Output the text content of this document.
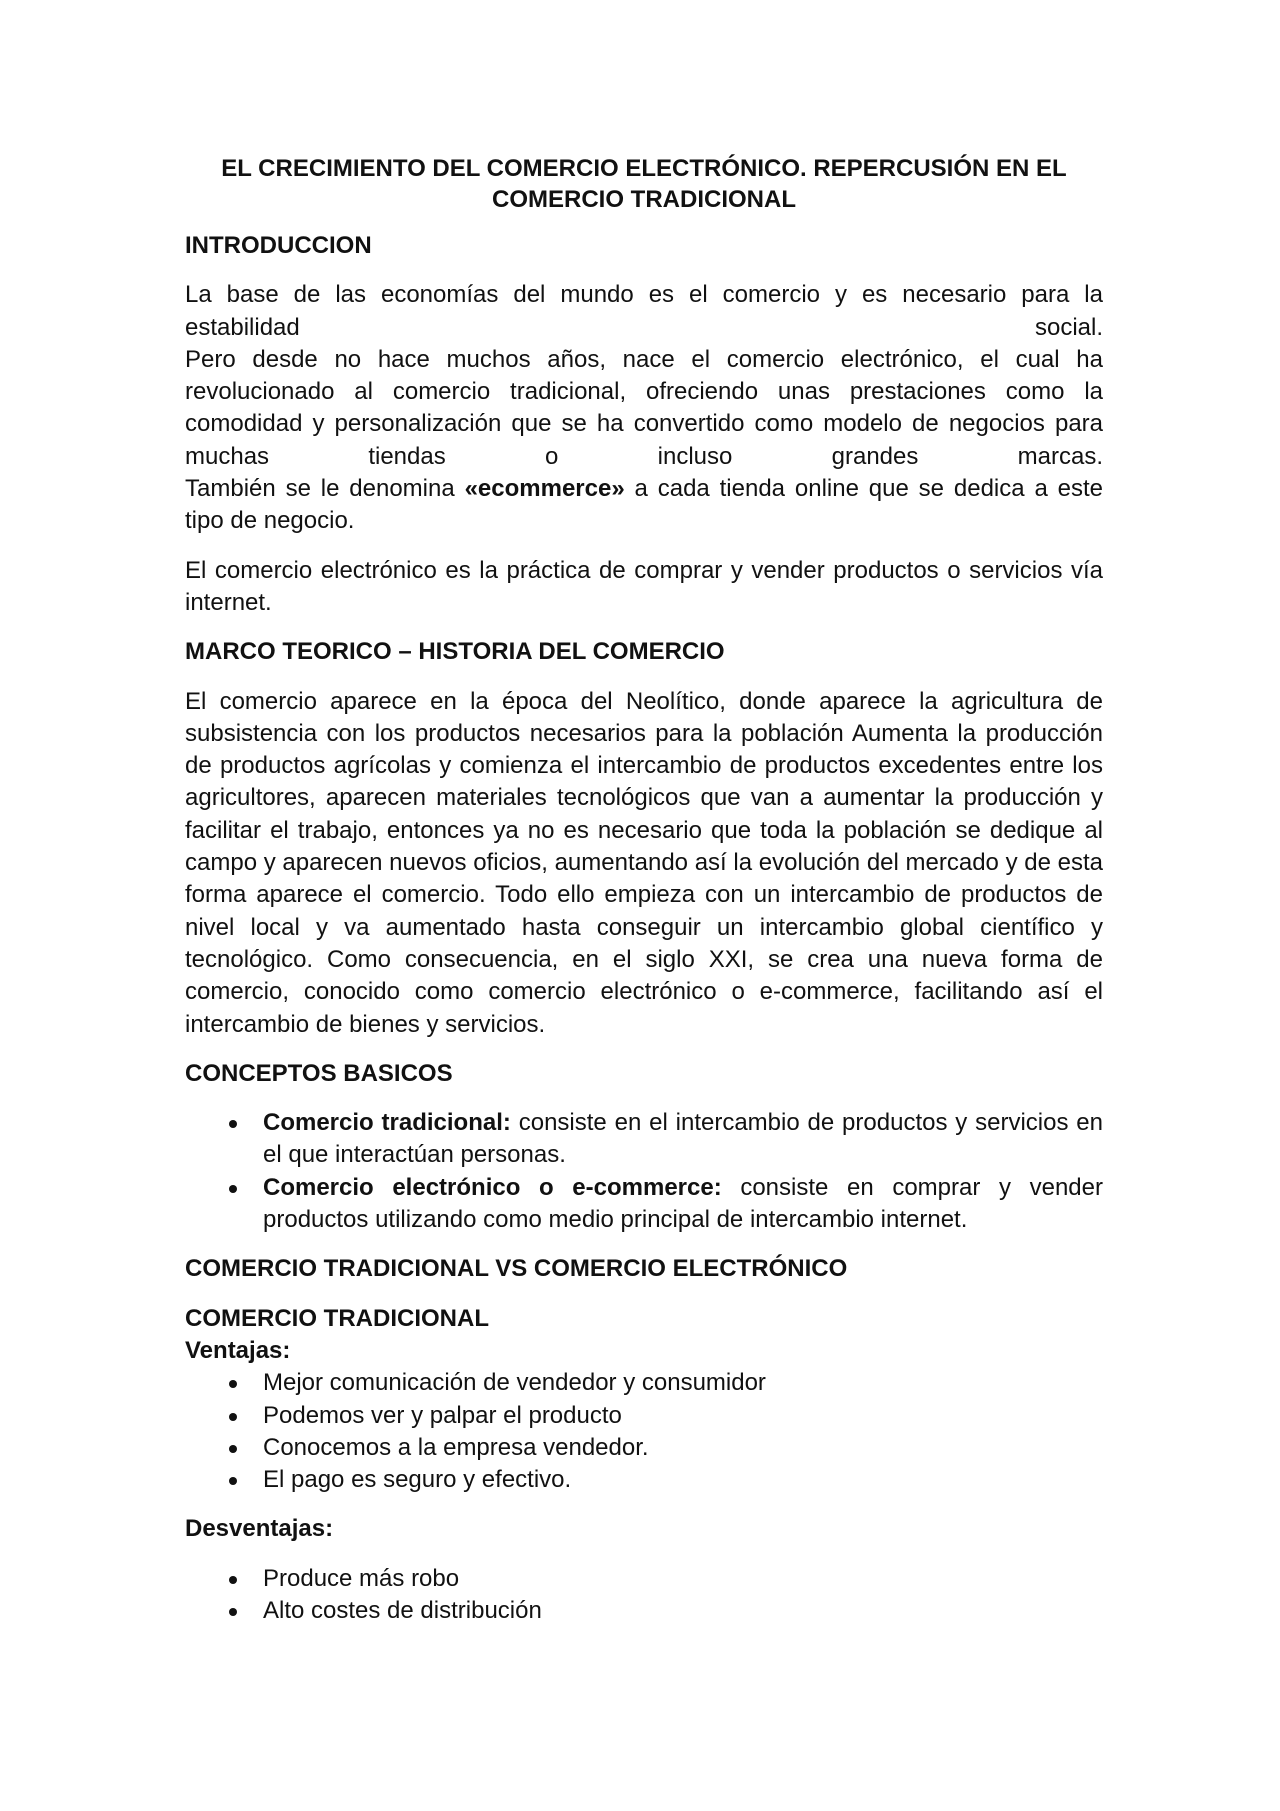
EL CRECIMIENTO DEL COMERCIO ELECTRÓNICO. REPERCUSIÓN EN EL COMERCIO TRADICIONAL
INTRODUCCION
La base de las economías del mundo es el comercio y es necesario para la estabilidad social.
Pero desde no hace muchos años, nace el comercio electrónico, el cual ha revolucionado al comercio tradicional, ofreciendo unas prestaciones como la comodidad y personalización que se ha convertido como modelo de negocios para muchas tiendas o incluso grandes marcas.
También se le denomina «ecommerce» a cada tienda online que se dedica a este tipo de negocio.
El comercio electrónico es la práctica de comprar y vender productos o servicios vía internet.
MARCO TEORICO – HISTORIA DEL COMERCIO
El comercio aparece en la época del Neolítico, donde aparece la agricultura de subsistencia con los productos necesarios para la población Aumenta la producción de productos agrícolas y comienza el intercambio de productos excedentes entre los agricultores, aparecen materiales tecnológicos que van a aumentar la producción y facilitar el trabajo, entonces ya no es necesario que toda la población se dedique al campo y aparecen nuevos oficios, aumentando así la evolución del mercado y de esta forma aparece el comercio. Todo ello empieza con un intercambio de productos de nivel local y va aumentado hasta conseguir un intercambio global científico y tecnológico. Como consecuencia, en el siglo XXI, se crea una nueva forma de comercio, conocido como comercio electrónico o e-commerce, facilitando así el intercambio de bienes y servicios.
CONCEPTOS BASICOS
Comercio tradicional: consiste en el intercambio de productos y servicios en el que interactúan personas.
Comercio electrónico o e-commerce: consiste en comprar y vender productos utilizando como medio principal de intercambio internet.
COMERCIO TRADICIONAL VS COMERCIO ELECTRÓNICO
COMERCIO TRADICIONAL
Ventajas:
Mejor comunicación de vendedor y consumidor
Podemos ver y palpar el producto
Conocemos a la empresa vendedor.
El pago es seguro y efectivo.
Desventajas:
Produce más robo
Alto costes de distribución
